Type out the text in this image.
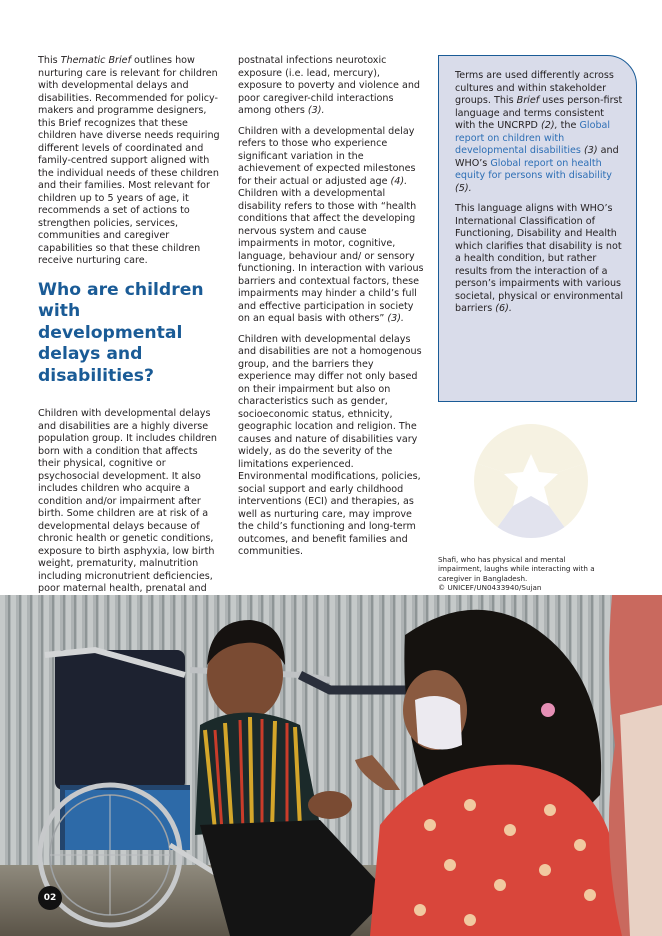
This Thematic Brief outlines how nurturing care is relevant for children with developmental delays and disabilities. Recommended for policy-makers and programme designers, this Brief recognizes that these children have diverse needs requiring different levels of coordinated and family-centred support aligned with the individual needs of these children and their families. Most relevant for children up to 5 years of age, it recommends a set of actions to strengthen policies, services, communities and caregiver capabilities so that these children receive nurturing care.

Who are children with developmental delays and disabilities?

Children with developmental delays and disabilities are a highly diverse population group. It includes children born with a condition that affects their physical, cognitive or psychosocial development. It also includes children who acquire a condition and/or impairment after birth. Some children are at risk of a developmental delays because of chronic health or genetic conditions, exposure to birth asphyxia, low birth weight, prematurity, malnutrition including micronutrient deficiencies, poor maternal health, prenatal and

postnatal infections neurotoxic exposure (i.e. lead, mercury), exposure to poverty and violence and poor caregiver-child interactions among others (3).

Children with a developmental delay refers to those who experience significant variation in the achievement of expected milestones for their actual or adjusted age (4). Children with a developmental disability refers to those with “health conditions that affect the developing nervous system and cause impairments in motor, cognitive, language, behaviour and/ or sensory functioning. In interaction with various barriers and contextual factors, these impairments may hinder a child’s full and effective participation in society on an equal basis with others” (3).

Children with developmental delays and disabilities are not a homogenous group, and the barriers they experience may differ not only based on their impairment but also on characteristics such as gender, socioeconomic status, ethnicity, geographic location and religion. The causes and nature of disabilities vary widely, as do the severity of the limitations experienced. Environmental modifications, policies, social support and early childhood interventions (ECI) and therapies, as well as nurturing care, may improve the child’s functioning and long-term outcomes, and benefit families and communities.

Terms are used differently across cultures and within stakeholder groups. This Brief uses person-first language and terms consistent with the UNCRPD (2), the Global report on children with developmental disabilities (3) and WHO’s Global report on health equity for persons with disability (5).

This language aligns with WHO’s International Classification of Functioning, Disability and Health which clarifies that disability is not a health condition, but rather results from the interaction of a person’s impairments with various societal, physical or environmental barriers (6).

Shafi, who has physical and mental impairment, laughs while interacting with a caregiver in Bangladesh.
© UNICEF/UN0433940/Sujan
02
